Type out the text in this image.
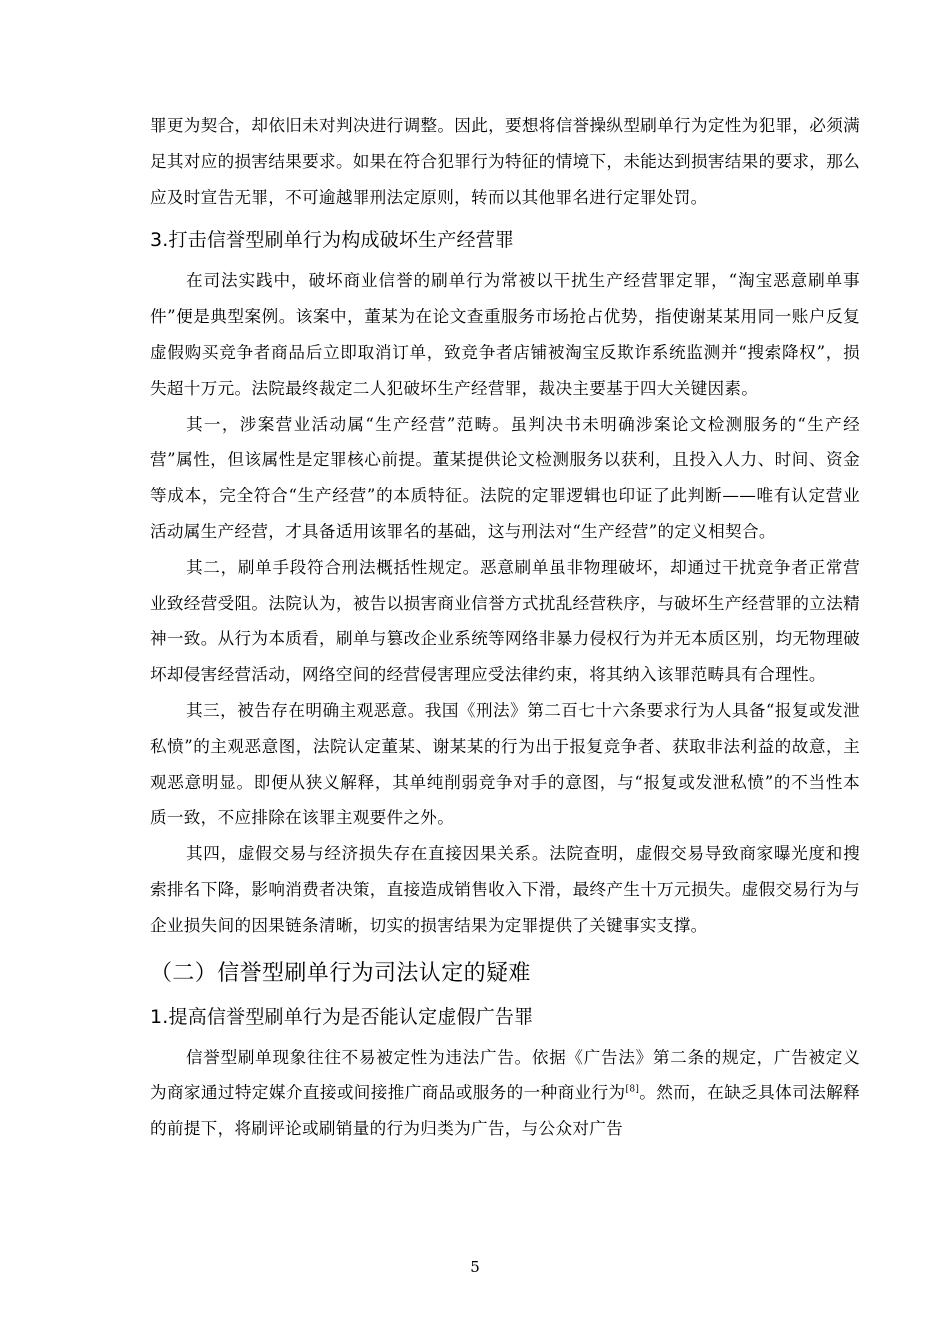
罪更为契合，却依旧未对判决进行调整。因此，要想将信誉操纵型刷单行为定性为犯罪，必须满足其对应的损害结果要求。如果在符合犯罪行为特征的情境下，未能达到损害结果的要求，那么应及时宣告无罪，不可逾越罪刑法定原则，转而以其他罪名进行定罪处罚。

3.打击信誉型刷单行为构成破坏生产经营罪

在司法实践中，破坏商业信誉的刷单行为常被以干扰生产经营罪定罪，“淘宝恶意刷单事件”便是典型案例。该案中，董某为在论文查重服务市场抢占优势，指使谢某某用同一账户反复虚假购买竞争者商品后立即取消订单，致竞争者店铺被淘宝反欺诈系统监测并“搜索降权”，损失超十万元。法院最终裁定二人犯破坏生产经营罪，裁决主要基于四大关键因素。

其一，涉案营业活动属“生产经营”范畴。虽判决书未明确涉案论文检测服务的“生产经营”属性，但该属性是定罪核心前提。董某提供论文检测服务以获利，且投入人力、时间、资金等成本，完全符合“生产经营”的本质特征。法院的定罪逻辑也印证了此判断——唯有认定营业活动属生产经营，才具备适用该罪名的基础，这与刑法对“生产经营”的定义相契合。

其二，刷单手段符合刑法概括性规定。恶意刷单虽非物理破坏，却通过干扰竞争者正常营业致经营受阻。法院认为，被告以损害商业信誉方式扰乱经营秩序，与破坏生产经营罪的立法精神一致。从行为本质看，刷单与篡改企业系统等网络非暴力侵权行为并无本质区别，均无物理破坏却侵害经营活动，网络空间的经营侵害理应受法律约束，将其纳入该罪范畴具有合理性。

其三，被告存在明确主观恶意。我国《刑法》第二百七十六条要求行为人具备“报复或发泄私愤”的主观恶意图，法院认定董某、谢某某的行为出于报复竞争者、获取非法利益的故意，主观恶意明显。即便从狭义解释，其单纯削弱竞争对手的意图，与“报复或发泄私愤”的不当性本质一致，不应排除在该罪主观要件之外。

其四，虚假交易与经济损失存在直接因果关系。法院查明，虚假交易导致商家曝光度和搜索排名下降，影响消费者决策，直接造成销售收入下滑，最终产生十万元损失。虚假交易行为与企业损失间的因果链条清晰，切实的损害结果为定罪提供了关键事实支撑。

（二）信誉型刷单行为司法认定的疑难
1.提高信誉型刷单行为是否能认定虚假广告罪

信誉型刷单现象往往不易被定性为违法广告。依据《广告法》第二条的规定，广告被定义为商家通过特定媒介直接或间接推广商品或服务的一种商业行为[8]。然而，在缺乏具体司法解释的前提下，将刷评论或刷销量的行为归类为广告，与公众对广告

5
